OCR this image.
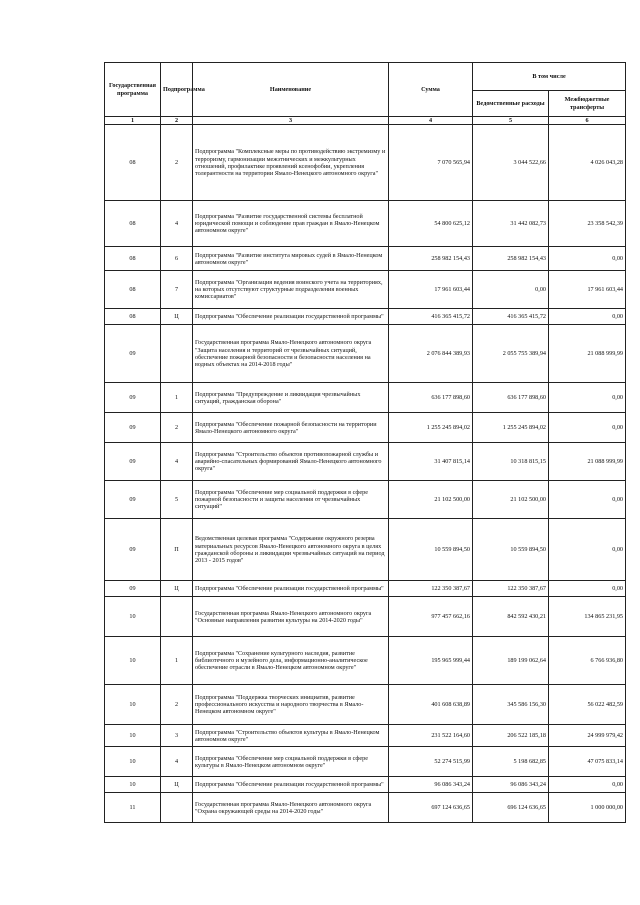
Государственная программа	Подпрограмма	Наименование	Сумма	В том числе	
				Ведомственные расходы	Межбюджетные трансферты
1	2	3	4	5	6
08	2	Подпрограмма "Комплексные меры по противодействию экстремизму и терроризму, гармонизации межэтнических и межкультурных отношений, профилактике проявлений ксенофобии, укрепления толерантности на территории Ямало-Ненецкого автономного округа"	7 070 565,94	3 044 522,66	4 026 043,28
08	4	Подпрограмма "Развитие государственной системы бесплатной юридической помощи и соблюдение прав граждан в Ямало-Ненецком автономном округе"	54 800 625,12	31 442 082,73	23 358 542,39
08	6	Подпрограмма "Развитие института мировых судей в Ямало-Ненецком автономном округе"	258 982 154,43	258 982 154,43	0,00
08	7	Подпрограмма "Организация ведения воинского учета на территориях, на которых отсутствуют структурные подразделения военных комиссариатов"	17 961 603,44	0,00	17 961 603,44
08	Ц	Подпрограмма "Обеспечение реализации государственной программы"	416 365 415,72	416 365 415,72	0,00
09		Государственная программа Ямало-Ненецкого автономного округа "Защита населения и территорий от чрезвычайных ситуаций, обеспечение пожарной безопасности и безопасности населения на водных объектах на 2014-2018 годы"	2 076 844 389,93	2 055 755 389,94	21 088 999,99
09	1	Подпрограмма "Предупреждение и ликвидация чрезвычайных ситуаций, гражданская оборона"	636 177 898,60	636 177 898,60	0,00
09	2	Подпрограмма "Обеспечение пожарной безопасности на территории Ямало-Ненецкого автономного округа"	1 255 245 894,02	1 255 245 894,02	0,00
09	4	Подпрограмма "Строительство объектов противопожарной службы и аварийно-спасательных формирований Ямало-Ненецкого автономного округа"	31 407 815,14	10 318 815,15	21 088 999,99
09	5	Подпрограмма "Обеспечение мер социальной поддержки в сфере пожарной безопасности и защиты населения от чрезвычайных ситуаций"	21 102 500,00	21 102 500,00	0,00
09	П	Ведомственная целевая программа "Содержание окружного резерва материальных ресурсов Ямало-Ненецкого автономного округа в целях гражданской обороны и ликвидации чрезвычайных ситуаций на период 2013 - 2015 годов"	10 559 894,50	10 559 894,50	0,00
09	Ц	Подпрограмма "Обеспечение реализации государственной программы"	122 350 387,67	122 350 387,67	0,00
10		Государственная программа Ямало-Ненецкого автономного округа "Основные направления развития культуры на 2014-2020 годы"	977 457 662,16	842 592 430,21	134 865 231,95
10	1	Подпрограмма "Сохранение культурного наследия, развитие библиотечного и музейного дела, информационно-аналитическое обеспечение отрасли в Ямало-Ненецком автономном округе"	195 965 999,44	189 199 062,64	6 766 936,80
10	2	Подпрограмма "Поддержка творческих инициатив, развитие профессионального искусства и народного творчества в Ямало-Ненецком автономном округе"	401 608 638,89	345 586 156,30	56 022 482,59
10	3	Подпрограмма "Строительство объектов культуры в Ямало-Ненецком автономном округе"	231 522 164,60	206 522 185,18	24 999 979,42
10	4	Подпрограмма "Обеспечение мер социальной поддержки в сфере культуры в Ямало-Ненецком автономном округе"	52 274 515,99	5 198 682,85	47 075 833,14
10	Ц	Подпрограмма "Обеспечение реализации государственной программы"	96 086 343,24	96 086 343,24	0,00
11		Государственная программа Ямало-Ненецкого автономного округа "Охрана окружающей среды на 2014-2020 годы"	697 124 636,65	696 124 636,65	1 000 000,00
